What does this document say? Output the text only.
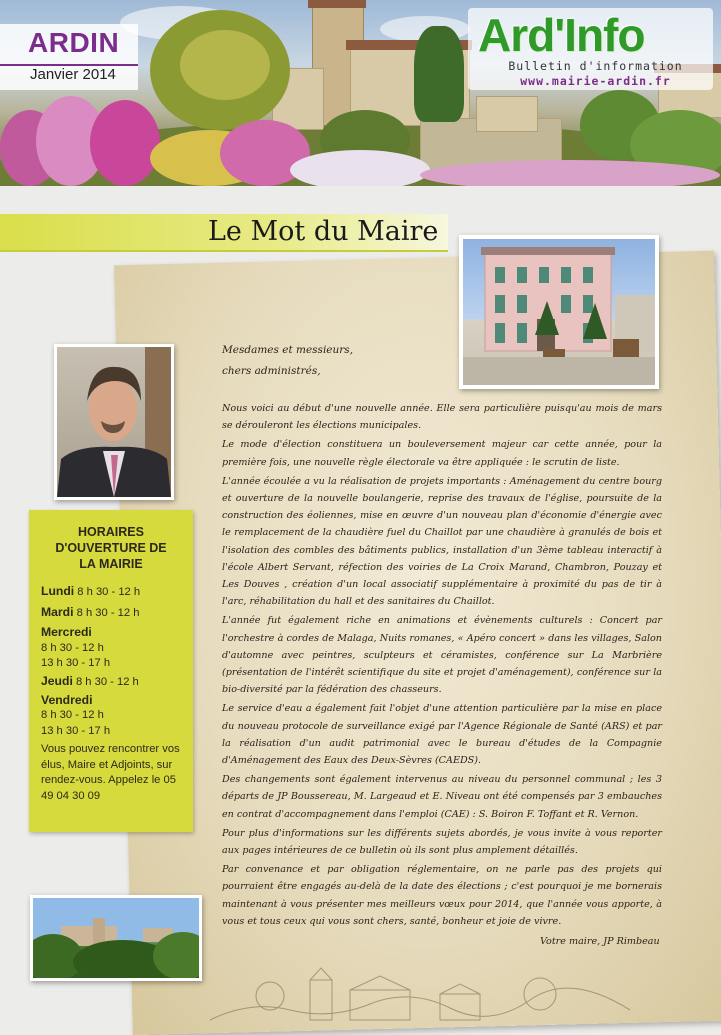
ARDIN
Janvier 2014
Ard'Info
Bulletin d'information
www.mairie-ardin.fr
Le Mot du Maire
Mesdames et messieurs,
chers administrés,

Nous voici au début d'une nouvelle année. Elle sera particulière puisqu'au mois de mars se dérouleront les élections municipales.

Le mode d'élection constituera un bouleversement majeur car cette année, pour la première fois, une nouvelle règle électorale va être appliquée : le scrutin de liste.

L'année écoulée a vu la réalisation de projets importants : Aménagement du centre bourg et ouverture de la nouvelle boulangerie, reprise des travaux de l'église, poursuite de la construction des éoliennes, mise en œuvre d'un nouveau plan d'économie d'énergie avec le remplacement de la chaudière fuel du Chaillot par une chaudière à granulés de bois et l'isolation des combles des bâtiments publics, installation d'un 3ème tableau interactif à l'école Albert Servant, réfection des voiries de La Croix Marand, Chambron, Pouzay et Les Douves , création d'un local associatif supplémentaire à proximité du pas de tir à l'arc, réhabilitation du hall et des sanitaires du Chaillot.

L'année fut également riche en animations et évènements culturels : Concert par l'orchestre à cordes de Malaga, Nuits romanes, « Apéro concert » dans les villages, Salon d'automne avec peintres, sculpteurs et céramistes, conférence sur La Marbrière (présentation de l'intérêt scientifique du site et projet d'aménagement), conférence sur la bio-diversité par la fédération des chasseurs.

Le service d'eau a également fait l'objet d'une attention particulière par la mise en place du nouveau protocole de surveillance exigé par l'Agence Régionale de Santé (ARS) et par la réalisation d'un audit patrimonial avec le bureau d'études de la Compagnie d'Aménagement des Eaux des Deux-Sèvres (CAEDS).

Des changements sont également intervenus au niveau du personnel communal ; les 3 départs de JP Boussereau, M. Largeaud et E. Niveau ont été compensés par 3 embauches en contrat d'accompagnement dans l'emploi (CAE) : S. Boiron F. Toffant et R. Vernon.

Pour plus d'informations sur les différents sujets abordés, je vous invite à vous reporter aux pages intérieures de ce bulletin où ils sont plus amplement détaillés.

Par convenance et par obligation réglementaire, on ne parle pas des projets qui pourraient être engagés au-delà de la date des élections ; c'est pourquoi je me bornerais maintenant à vous présenter mes meilleurs vœux pour 2014, que l'année vous apporte, à vous et tous ceux qui vous sont chers, santé, bonheur et joie de vivre.

Votre maire, JP Rimbeau
HORAIRES D'OUVERTURE DE LA MAIRIE
Lundi 8 h 30 - 12 h
Mardi 8 h 30 - 12 h
Mercredi
8 h 30 - 12 h
13 h 30 - 17 h
Jeudi 8 h 30 - 12 h
Vendredi
8 h 30 - 12 h
13 h 30 - 17 h
Vous pouvez rencontrer vos élus, Maire et Adjoints, sur rendez-vous. Appelez le 05 49 04 30 09
